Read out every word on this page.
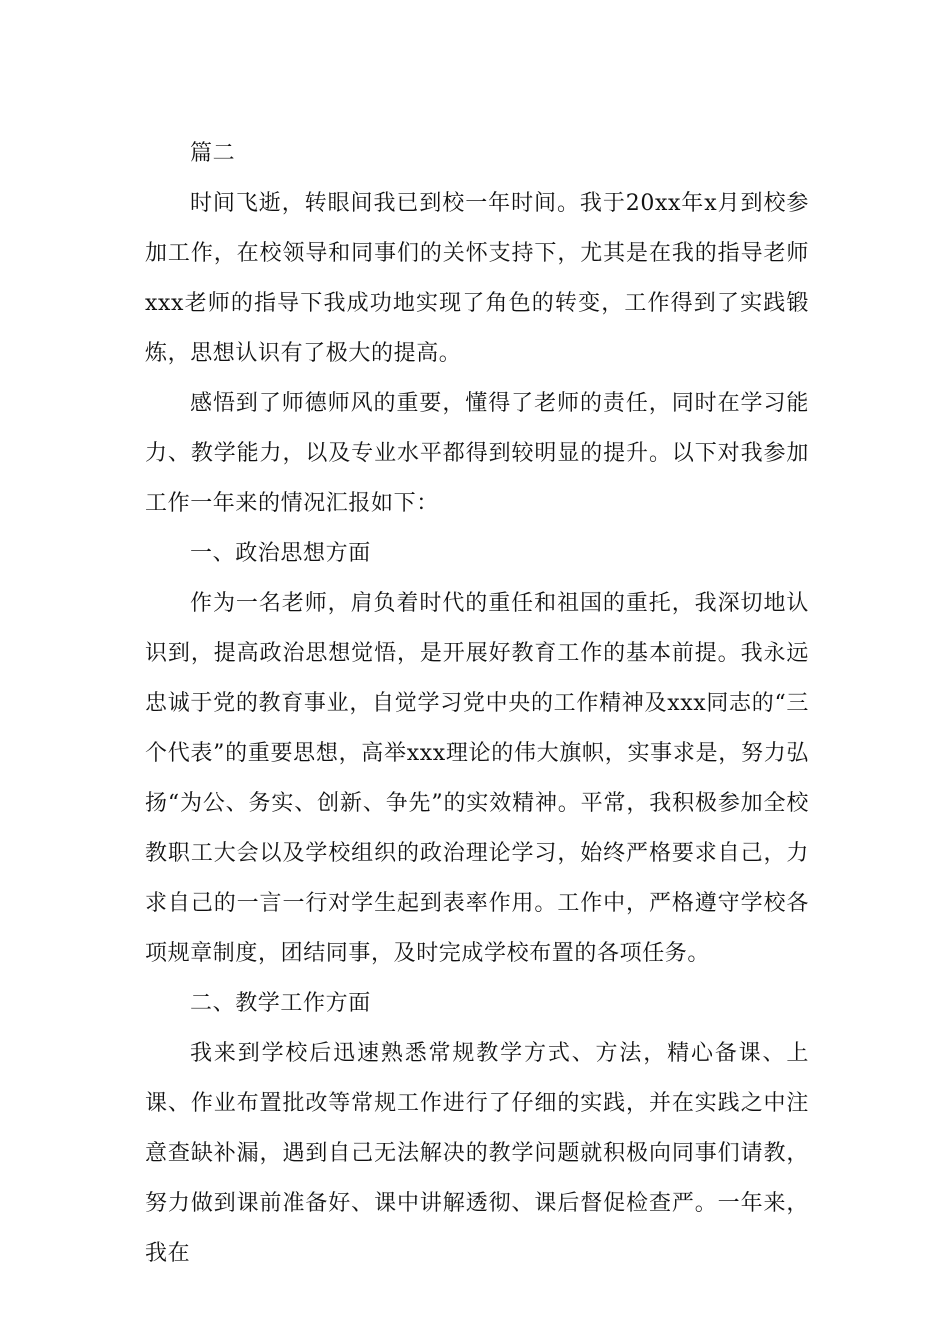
篇二

时间飞逝，转眼间我已到校一年时间。我于20xx年x月到校参加工作，在校领导和同事们的关怀支持下，尤其是在我的指导老师xxx老师的指导下我成功地实现了角色的转变，工作得到了实践锻炼，思想认识有了极大的提高。

感悟到了师德师风的重要，懂得了老师的责任，同时在学习能力、教学能力，以及专业水平都得到较明显的提升。以下对我参加工作一年来的情况汇报如下：

一、政治思想方面

作为一名老师，肩负着时代的重任和祖国的重托，我深切地认识到，提高政治思想觉悟，是开展好教育工作的基本前提。我永远忠诚于党的教育事业，自觉学习党中央的工作精神及xxx同志的“三个代表”的重要思想，高举xxx理论的伟大旗帜，实事求是，努力弘扬“为公、务实、创新、争先”的实效精神。平常，我积极参加全校教职工大会以及学校组织的政治理论学习，始终严格要求自己，力求自己的一言一行对学生起到表率作用。工作中，严格遵守学校各项规章制度，团结同事，及时完成学校布置的各项任务。

二、教学工作方面

我来到学校后迅速熟悉常规教学方式、方法，精心备课、上课、作业布置批改等常规工作进行了仔细的实践，并在实践之中注意查缺补漏，遇到自己无法解决的教学问题就积极向同事们请教，努力做到课前准备好、课中讲解透彻、课后督促检查严。一年来，我在
